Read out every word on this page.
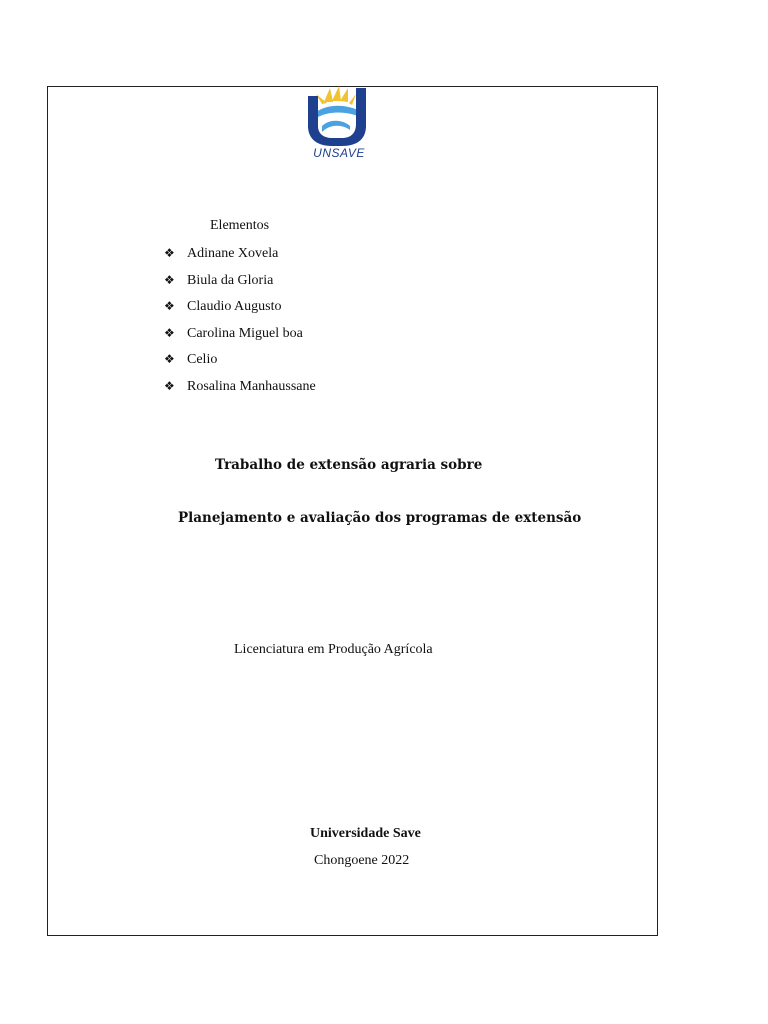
UNSAVE
Elementos
❖ Adinane Xovela
❖ Biula da Gloria
❖ Claudio Augusto
❖ Carolina Miguel boa
❖ Celio
❖ Rosalina Manhaussane
Trabalho de extensão agraria sobre
Planejamento e avaliação dos programas de extensão
Licenciatura em Produção Agrícola
Universidade Save
Chongoene 2022
